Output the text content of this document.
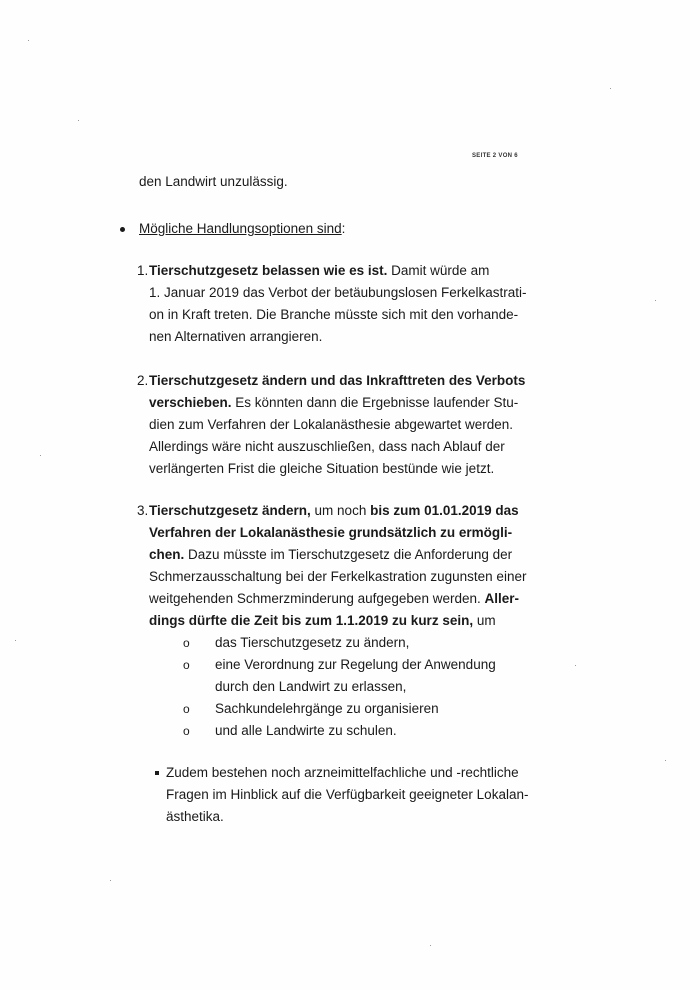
SEITE 2 VON 6
den Landwirt unzulässig.
Mögliche Handlungsoptionen sind:
1. Tierschutzgesetz belassen wie es ist. Damit würde am
1. Januar 2019 das Verbot der betäubungslosen Ferkelkastrati-
on in Kraft treten. Die Branche müsste sich mit den vorhande-
nen Alternativen arrangieren.
2. Tierschutzgesetz ändern und das Inkrafttreten des Verbots
verschieben. Es könnten dann die Ergebnisse laufender Stu-
dien zum Verfahren der Lokalanästhesie abgewartet werden.
Allerdings wäre nicht auszuschließen, dass nach Ablauf der
verlängerten Frist die gleiche Situation bestünde wie jetzt.
3. Tierschutzgesetz ändern, um noch bis zum 01.01.2019 das
Verfahren der Lokalanästhesie grundsätzlich zu ermögli-
chen. Dazu müsste im Tierschutzgesetz die Anforderung der
Schmerzausschaltung bei der Ferkelkastration zugunsten einer
weitgehenden Schmerzminderung aufgegeben werden. Aller-
dings dürfte die Zeit bis zum 1.1.2019 zu kurz sein, um
o das Tierschutzgesetz zu ändern,
o eine Verordnung zur Regelung der Anwendung
durch den Landwirt zu erlassen,
o Sachkundelehrgänge zu organisieren
o und alle Landwirte zu schulen.
Zudem bestehen noch arzneimittelfachliche und -rechtliche
Fragen im Hinblick auf die Verfügbarkeit geeigneter Lokalan-
ästhetika.
